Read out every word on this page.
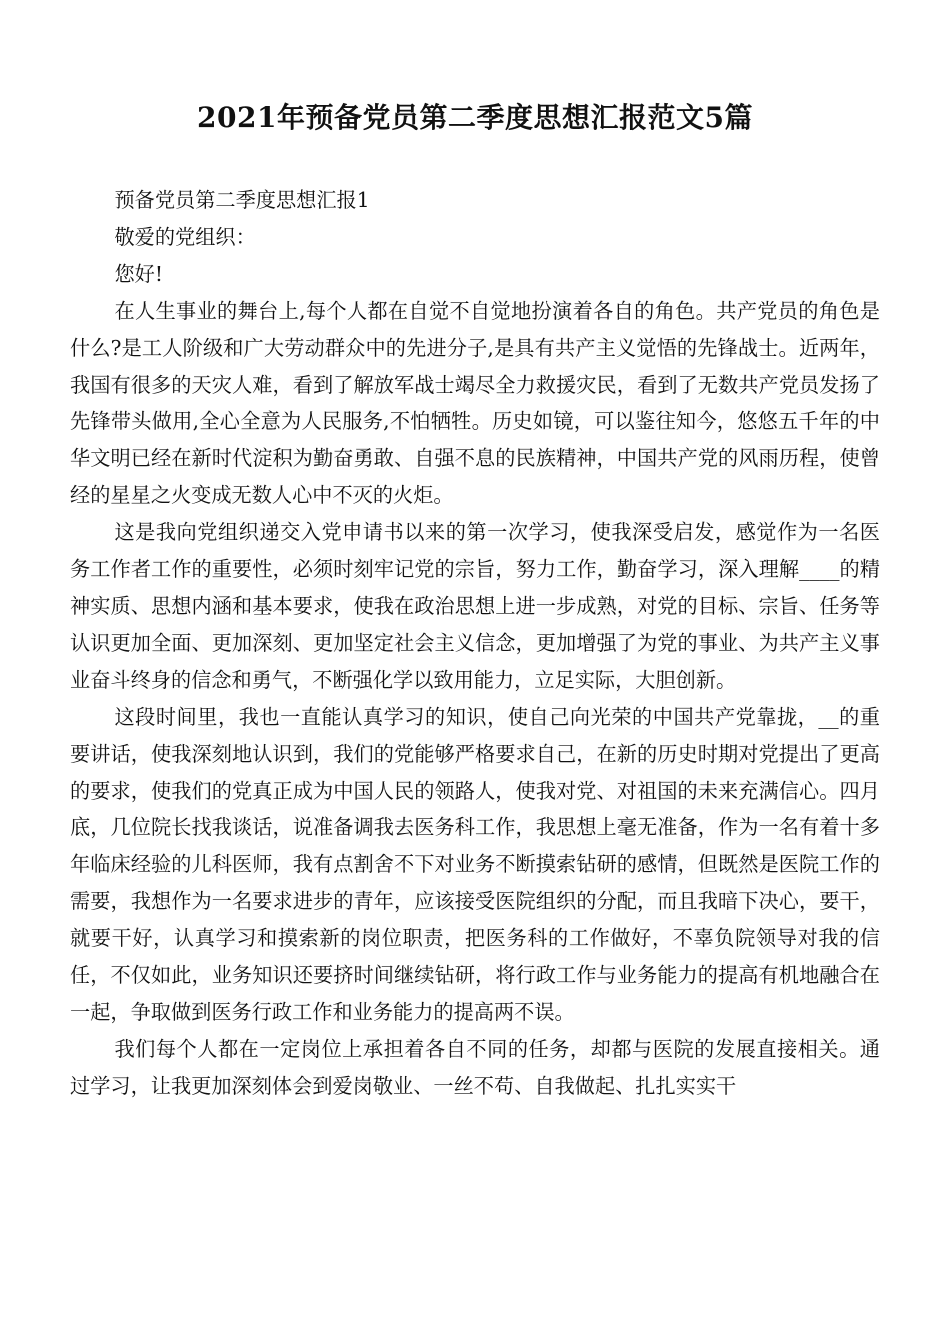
2021年预备党员第二季度思想汇报范文5篇

预备党员第二季度思想汇报1

敬爱的党组织：

您好!

在人生事业的舞台上,每个人都在自觉不自觉地扮演着各自的角色。共产党员的角色是什么?是工人阶级和广大劳动群众中的先进分子,是具有共产主义觉悟的先锋战士。近两年，我国有很多的天灾人难，看到了解放军战士竭尽全力救援灾民，看到了无数共产党员发扬了先锋带头做用,全心全意为人民服务,不怕牺牲。历史如镜，可以鉴往知今，悠悠五千年的中华文明已经在新时代淀积为勤奋勇敢、自强不息的民族精神，中国共产党的风雨历程，使曾经的星星之火变成无数人心中不灭的火炬。

这是我向党组织递交入党申请书以来的第一次学习，使我深受启发，感觉作为一名医务工作者工作的重要性，必须时刻牢记党的宗旨，努力工作，勤奋学习，深入理解____的精神实质、思想内涵和基本要求，使我在政治思想上进一步成熟，对党的目标、宗旨、任务等认识更加全面、更加深刻、更加坚定社会主义信念，更加增强了为党的事业、为共产主义事业奋斗终身的信念和勇气，不断强化学以致用能力，立足实际，大胆创新。

这段时间里，我也一直能认真学习的知识，使自己向光荣的中国共产党靠拢，__的重要讲话，使我深刻地认识到，我们的党能够严格要求自己，在新的历史时期对党提出了更高的要求，使我们的党真正成为中国人民的领路人，使我对党、对祖国的未来充满信心。四月底，几位院长找我谈话，说准备调我去医务科工作，我思想上毫无准备，作为一名有着十多年临床经验的儿科医师，我有点割舍不下对业务不断摸索钻研的感情，但既然是医院工作的需要，我想作为一名要求进步的青年，应该接受医院组织的分配，而且我暗下决心，要干，就要干好，认真学习和摸索新的岗位职责，把医务科的工作做好，不辜负院领导对我的信任，不仅如此，业务知识还要挤时间继续钻研，将行政工作与业务能力的提高有机地融合在一起，争取做到医务行政工作和业务能力的提高两不误。

我们每个人都在一定岗位上承担着各自不同的任务，却都与医院的发展直接相关。通过学习，让我更加深刻体会到爱岗敬业、一丝不苟、自我做起、扎扎实实干
